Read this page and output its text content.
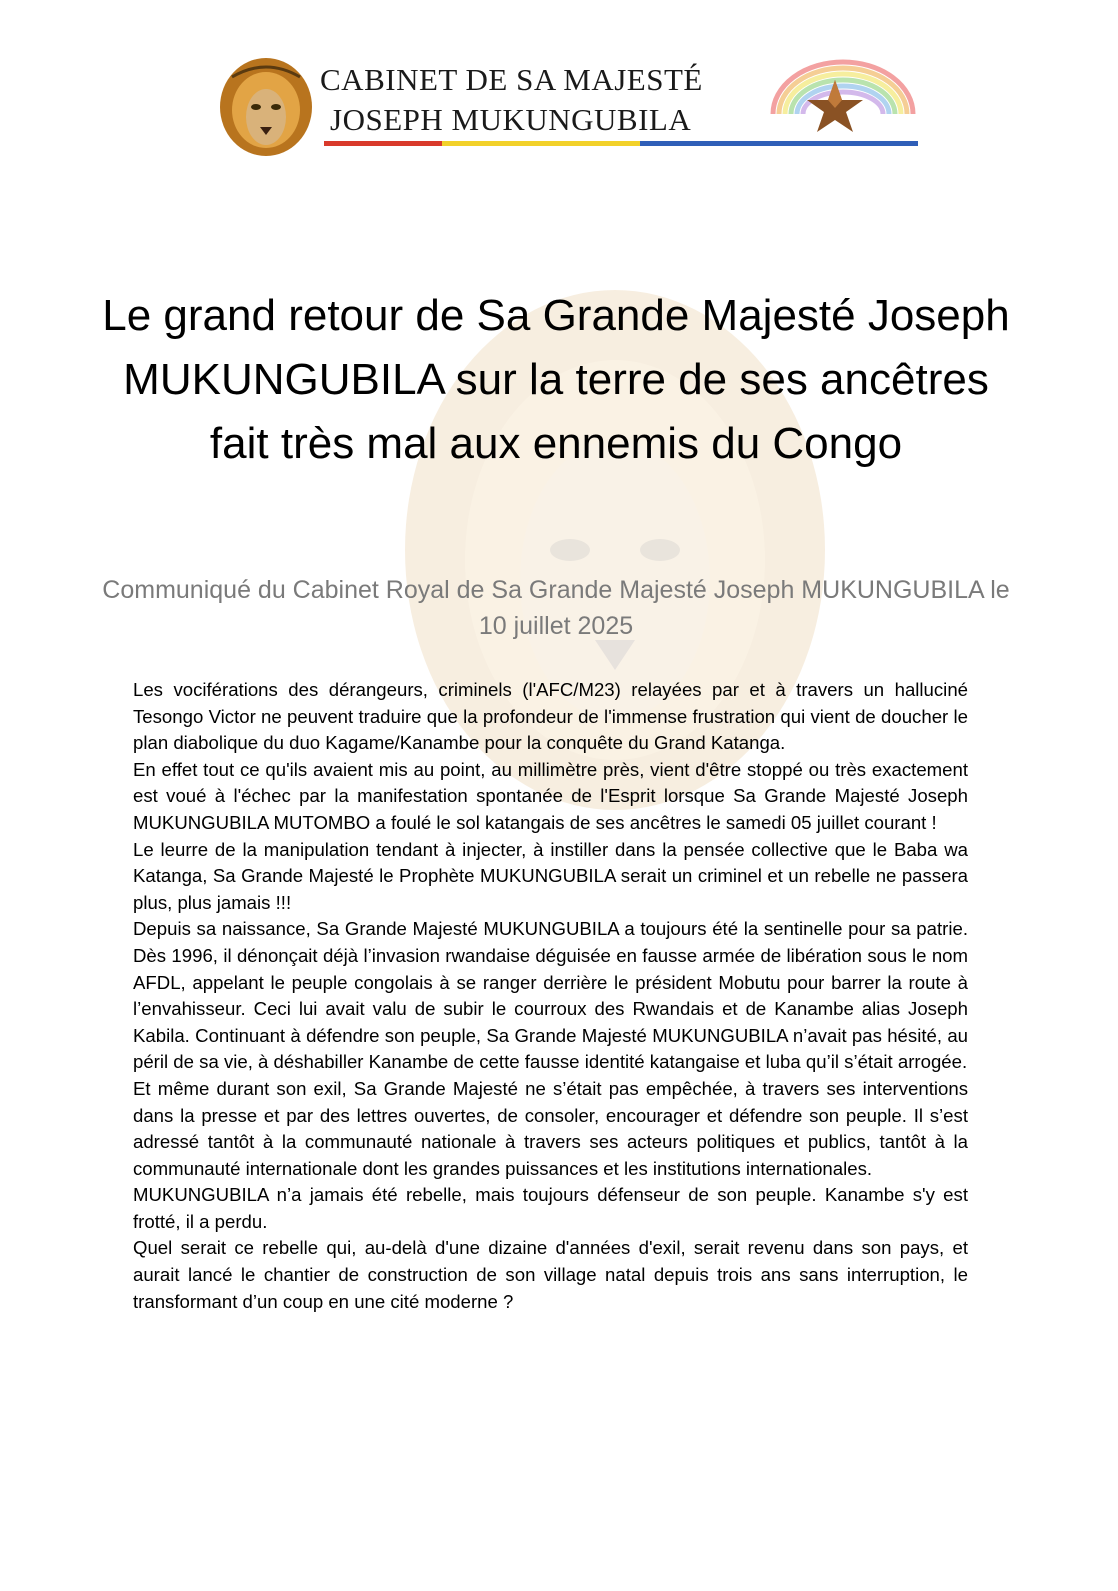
CABINET DE SA MAJESTÉ
JOSEPH MUKUNGUBILA
Le grand retour de Sa Grande Majesté Joseph MUKUNGUBILA sur la terre de ses ancêtres fait très mal aux ennemis du Congo

Communiqué du Cabinet Royal de Sa Grande Majesté Joseph MUKUNGUBILA le 10 juillet 2025

Les vociférations des dérangeurs, criminels (l'AFC/M23) relayées par et à travers un halluciné Tesongo Victor ne peuvent traduire que la profondeur de l'immense frustration qui vient de doucher le plan diabolique du duo Kagame/Kanambe pour la conquête du Grand Katanga.

En effet tout ce qu'ils avaient mis au point, au millimètre près, vient d'être stoppé ou très exactement est voué à l'échec par la manifestation spontanée de l'Esprit lorsque Sa Grande Majesté Joseph MUKUNGUBILA MUTOMBO a foulé le sol katangais de ses ancêtres le samedi 05 juillet courant !

Le leurre de la manipulation tendant à injecter, à instiller dans la pensée collective que le Baba wa Katanga, Sa Grande Majesté le Prophète MUKUNGUBILA serait un criminel et un rebelle ne passera plus, plus jamais !!!

Depuis sa naissance, Sa Grande Majesté MUKUNGUBILA a toujours été la sentinelle pour sa patrie. Dès 1996, il dénonçait déjà l’invasion rwandaise déguisée en fausse armée de libération sous le nom AFDL, appelant le peuple congolais à se ranger derrière le président Mobutu pour barrer la route à l’envahisseur. Ceci lui avait valu de subir le courroux des Rwandais et de Kanambe alias Joseph Kabila. Continuant à défendre son peuple, Sa Grande Majesté MUKUNGUBILA n’avait pas hésité, au péril de sa vie, à déshabiller Kanambe de cette fausse identité katangaise et luba qu’il s’était arrogée.

Et même durant son exil, Sa Grande Majesté ne s’était pas empêchée, à travers ses interventions dans la presse et par des lettres ouvertes, de consoler, encourager et défendre son peuple. Il s’est adressé tantôt à la communauté nationale à travers ses acteurs politiques et publics, tantôt à la communauté internationale dont les grandes puissances et les institutions internationales.

MUKUNGUBILA n’a jamais été rebelle, mais toujours défenseur de son peuple. Kanambe s'y est frotté, il a perdu.

Quel serait ce rebelle qui, au-delà d'une dizaine d'années d'exil, serait revenu dans son pays, et aurait lancé le chantier de construction de son village natal depuis trois ans sans interruption, le transformant d’un coup en une cité moderne ?
